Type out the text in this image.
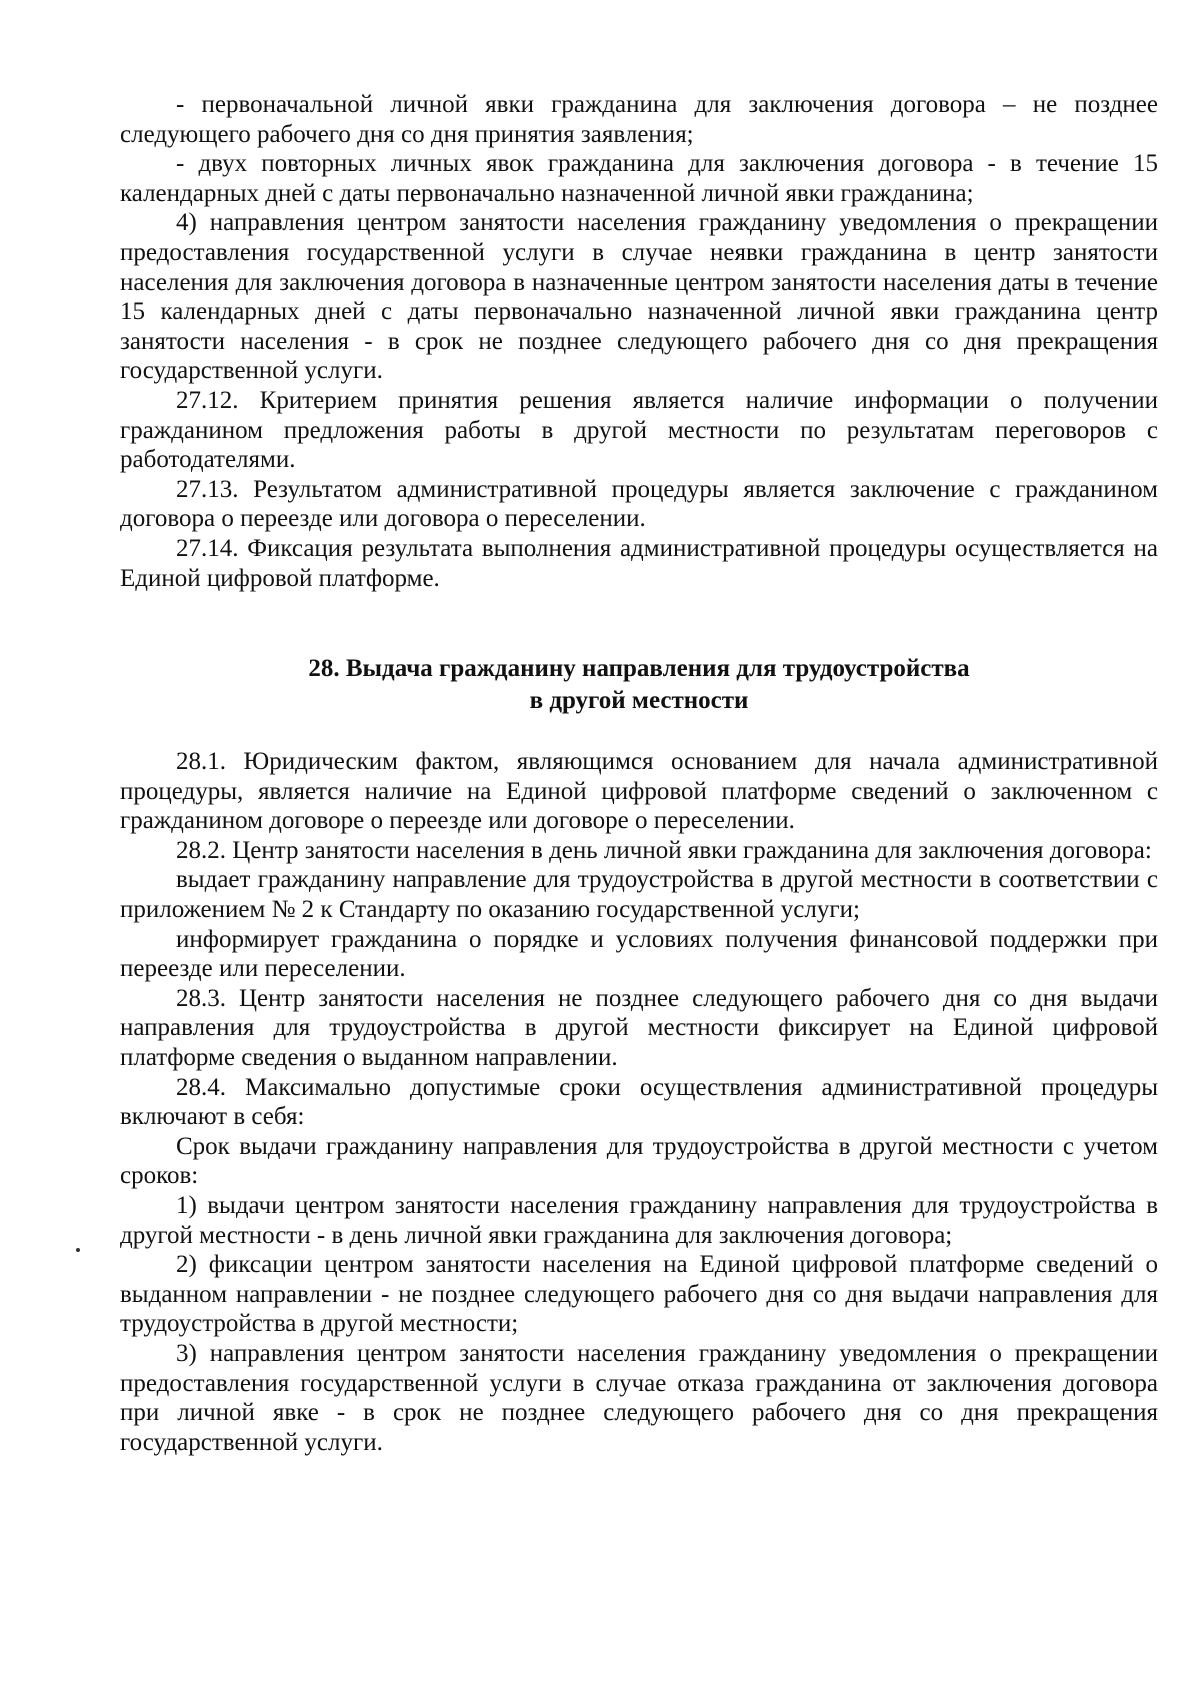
- первоначальной личной явки гражданина для заключения договора – не позднее следующего рабочего дня со дня принятия заявления;

- двух повторных личных явок гражданина для заключения договора - в течение 15 календарных дней с даты первоначально назначенной личной явки гражданина;

4) направления центром занятости населения гражданину уведомления о прекращении предоставления государственной услуги в случае неявки гражданина в центр занятости населения для заключения договора в назначенные центром занятости населения даты в течение 15 календарных дней с даты первоначально назначенной личной явки гражданина центр занятости населения - в срок не позднее следующего рабочего дня со дня прекращения государственной услуги.

27.12. Критерием принятия решения является наличие информации о получении гражданином предложения работы в другой местности по результатам переговоров с работодателями.

27.13. Результатом административной процедуры является заключение с гражданином договора о переезде или договора о переселении.

27.14. Фиксация результата выполнения административной процедуры осуществляется на Единой цифровой платформе.

28. Выдача гражданину направления для трудоустройства

в другой местности

28.1. Юридическим фактом, являющимся основанием для начала административной процедуры, является наличие на Единой цифровой платформе сведений о заключенном с гражданином договоре о переезде или договоре о переселении.

28.2. Центр занятости населения в день личной явки гражданина для заключения договора:

выдает гражданину направление для трудоустройства в другой местности в соответствии с приложением № 2 к Стандарту по оказанию государственной услуги;

информирует гражданина о порядке и условиях получения финансовой поддержки при переезде или переселении.

28.3. Центр занятости населения не позднее следующего рабочего дня со дня выдачи направления для трудоустройства в другой местности фиксирует на Единой цифровой платформе сведения о выданном направлении.

28.4. Максимально допустимые сроки осуществления административной процедуры включают в себя:

Срок выдачи гражданину направления для трудоустройства в другой местности с учетом сроков:

1) выдачи центром занятости населения гражданину направления для трудоустройства в другой местности - в день личной явки гражданина для заключения договора;

2) фиксации центром занятости населения на Единой цифровой платформе сведений о выданном направлении - не позднее следующего рабочего дня со дня выдачи направления для трудоустройства в другой местности;

3) направления центром занятости населения гражданину уведомления о прекращении предоставления государственной услуги в случае отказа гражданина от заключения договора при личной явке - в срок не позднее следующего рабочего дня со дня прекращения государственной услуги.
